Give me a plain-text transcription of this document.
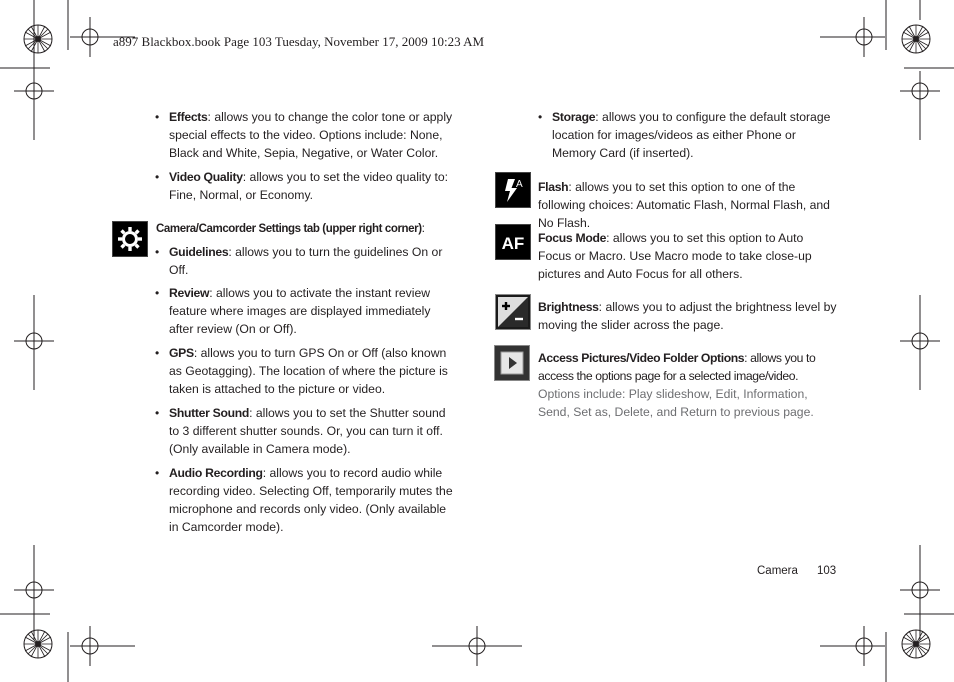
a897 Blackbox.book Page 103 Tuesday, November 17, 2009 10:23 AM

• Effects: allows you to change the color tone or apply special effects to the video. Options include: None, Black and White, Sepia, Negative, or Water Color.

• Video Quality: allows you to set the video quality to: Fine, Normal, or Economy.

Camera/Camcorder Settings tab (upper right corner):

• Guidelines: allows you to turn the guidelines On or Off.

• Review: allows you to activate the instant review feature where images are displayed immediately after review (On or Off).

• GPS: allows you to turn GPS On or Off (also known as Geotagging). The location of where the picture is taken is attached to the picture or video.

• Shutter Sound: allows you to set the Shutter sound to 3 different shutter sounds. Or, you can turn it off. (Only available in Camera mode).

• Audio Recording: allows you to record audio while recording video. Selecting Off, temporarily mutes the microphone and records only video. (Only available in Camcorder mode).

• Storage: allows you to configure the default storage location for images/videos as either Phone or Memory Card (if inserted).

A Flash: allows you to set this option to one of the following choices: Automatic Flash, Normal Flash, and No Flash.
AF Focus Mode: allows you to set this option to Auto Focus or Macro. Use Macro mode to take close-up pictures and Auto Focus for all others.
Brightness: allows you to adjust the brightness level by moving the slider across the page.
Access Pictures/Video Folder Options: allows you to access the options page for a selected image/video. Options include: Play slideshow, Edit, Information, Send, Set as, Delete, and Return to previous page.
Camera 103
